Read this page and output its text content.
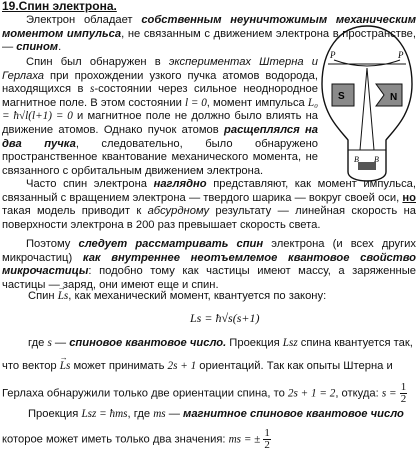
19.Спин электрона.

Электрон обладает собственным неуничтожимым механическим моментом импульса, не связанным с движением электрона в пространстве, — спином.

P	P
S	N
B B

Спин был обнаружен в экспериментах Штерна и Герлаха при прохождении узкого пучка атомов водорода, находящихся в s-состоянии через сильное неоднородное магнитное поле. В этом состоянии l = 0, момент импульса L₀ = ħ√l(l+1) = 0 и магнитное поле не должно было влиять на движение атомов. Однако пучок атомов расщеплялся на два пучка, следовательно, было обнаружено пространственное квантование механического момента, не связанного с орбитальным движением электрона.

Часто спин электрона наглядно представляют, как момент импульса, связанный с вращением электрона — твердого шарика — вокруг своей оси, но такая модель приводит к абсурдному результату — линейная скорость на поверхности электрона в 200 раз превышает скорость света.

Поэтому следует рассматривать спин электрона (и всех других микрочастиц) как внутреннее неотъемлемое квантовое свойство микрочастицы: подобно тому как частицы имеют массу, а заряженные частицы — заряд, они имеют еще и спин.

Спин → Ls, как механический момент, квантуется по закону:
Ls = ħ√s(s+1)
где s — спиновое квантовое число. Проекция Lsz спина квантуется так,
что вектор → Ls может принимать 2s + 1 ориентаций. Так как опыты Штерна и
Герлаха обнаружили только две ориентации спина, то 2s + 1 = 2, откуда: $s = \frac{1}{2}$
Проекция Lsz = ħms, где ms — магнитное спиновое квантовое число
которое может иметь только два значения: ms = ± $\frac{1}{2}$
